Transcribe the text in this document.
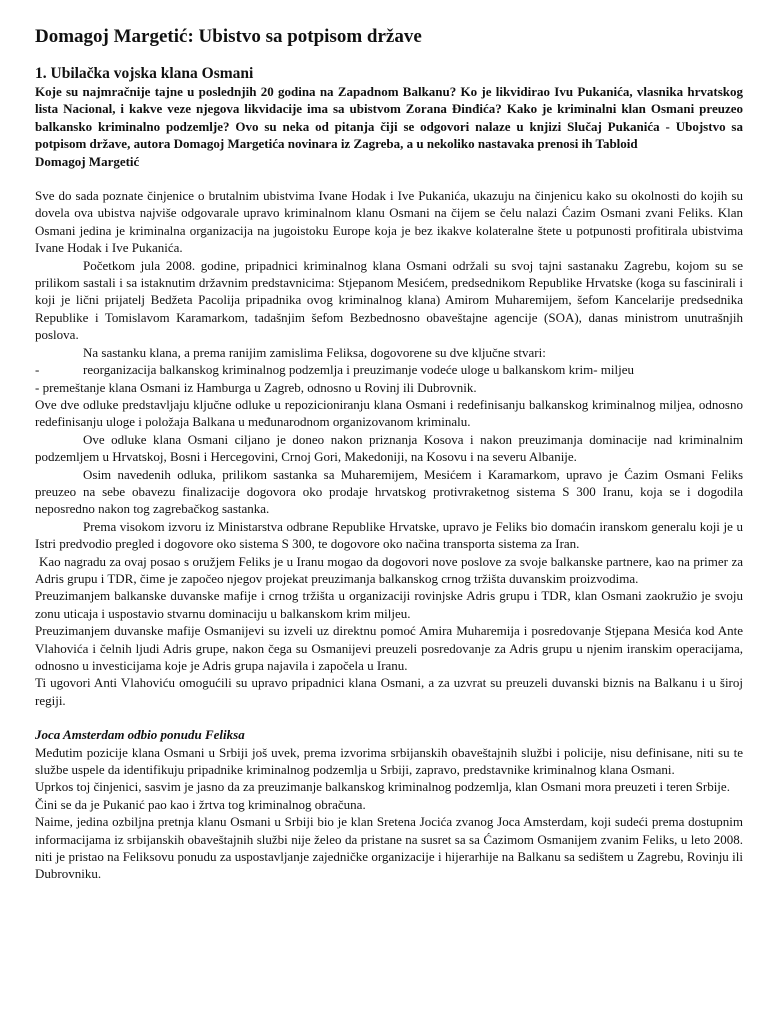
Domagoj Margetić: Ubistvo sa potpisom države
1. Ubilačka vojska klana Osmani

Koje su najmračnije tajne u poslednjih 20 godina na Zapadnom Balkanu? Ko je likvidirao Ivu Pukanića, vlasnika hrvatskog lista Nacional, i kakve veze njegova likvidacije ima sa ubistvom Zorana Đinđića? Kako je kriminalni klan Osmani preuzeo balkansko kriminalno podzemlje? Ovo su neka od pitanja čiji se odgovori nalaze u knjizi Slučaj Pukanića - Ubojstvo sa potpisom države, autora Domagoj Margetića novinara iz Zagreba, a u nekoliko nastavaka prenosi ih Tabloid

Domagoj Margetić

Sve do sada poznate činjenice o brutalnim ubistvima Ivane Hodak i Ive Pukanića, ukazuju na činjenicu kako su okolnosti do kojih su dovela ova ubistva najviše odgovarale upravo kriminalnom klanu Osmani na čijem se čelu nalazi Ćazim Osmani zvani Feliks. Klan Osmani jedina je kriminalna organizacija na jugoistoku Europe koja je bez ikakve kolateralne štete u potpunosti profitirala ubistvima Ivane Hodak i Ive Pukanića.

Početkom jula 2008. godine, pripadnici kriminalnog klana Osmani održali su svoj tajni sastanaku Zagrebu, kojom su se prilikom sastali i sa istaknutim državnim predstavnicima: Stjepanom Mesićem, predsednikom Republike Hrvatske (koga su fascinirali i koji je lični prijatelj Bedžeta Pacolija pripadnika ovog kriminalnog klana) Amirom Muharemijem, šefom Kancelarije predsednika Republike i Tomislavom Karamarkom, tadašnjim šefom Bezbednosno obaveštajne agencije (SOA), danas ministrom unutrašnjih poslova.

Na sastanku klana, a prema ranijim zamislima Feliksa, dogovorene su dve ključne stvari:

-	reorganizacija balkanskog kriminalnog podzemlja i preuzimanje vodeće uloge u balkanskom krim- miljeu

- premeštanje klana Osmani iz Hamburga u Zagreb, odnosno u Rovinj ili Dubrovnik.

Ove dve odluke predstavljaju ključne odluke u repozicioniranju klana Osmani i redefinisanju balkanskog kriminalnog milјea, odnosno redefinisanju uloge i položaja Balkana u međunarodnom organizovanom kriminalu.

Ove odluke klana Osmani ciljano je doneo nakon priznanja Kosova i nakon preuzimanja dominacije nad kriminalnim podzemljem u Hrvatskoj, Bosni i Hercegovini, Crnoj Gori, Makedoniji, na Kosovu i na severu Albanije.

Osim navedenih odluka, prilikom sastanka sa Muharemijem, Mesićem i Karamarkom, upravo je Ćazim Osmani Feliks preuzeo na sebe obavezu finalizacije dogovora oko prodaje hrvatskog protivraketnog sistema S 300 Iranu, koja se i dogodila neposredno nakon tog zagrebačkog sastanka.

Prema visokom izvoru iz Ministarstva odbrane Republike Hrvatske, upravo je Feliks bio domaćin iranskom generalu koji je u Istri predvodio pregled i dogovore oko sistema S 300, te dogovore oko načina transporta sistema za Iran.

Kao nagradu za ovaj posao s oružjem Feliks je u Iranu mogao da dogovori nove poslove za svoje balkanske partnere, kao na primer za Adris grupu i TDR, čime je započeo njegov projekat preuzimanja balkanskog crnog tržišta duvanskim proizvodima.

Preuzimanjem balkanske duvanske mafije i crnog tržišta u organizaciji rovinjske Adris grupu i TDR, klan Osmani zaokružio je svoju zonu uticaja i uspostavio stvarnu dominaciju u balkanskom krim milјeu.

Preuzimanjem duvanske mafije Osmanijevi su izveli uz direktnu pomoć Amira Muharemija i posredovanje Stjepana Mesića kod Ante Vlahovića i čelnih ljudi Adris grupe, nakon čega su Osmanijevi preuzeli posredovanje za Adris grupu u njenim iranskim operacijama, odnosno u investicijama koje je Adris grupa najavila i započela u Iranu.

Ti ugovori Anti Vlahoviću omogućili su upravo pripadnici klana Osmani, a za uzvrat su preuzeli duvanski biznis na Balkanu i u široj regiji.

Joca Amsterdam odbio ponudu Feliksa

Međutim pozicije klana Osmani u Srbiji još uvek, prema izvorima srbijanskih obaveštajnih službi i policije, nisu definisane, niti su te službe uspele da identifikuju pripadnike kriminalnog podzemlja u Srbiji, zapravo, predstavnike kriminalnog klana Osmani.

Uprkos toj činjenici, sasvim je jasno da za preuzimanje balkanskog kriminalnog podzemlja, klan Osmani mora preuzeti i teren Srbije.

Čini se da je Pukanić pao kao i žrtva tog kriminalnog obračuna.

Naime, jedina ozbiljna pretnja klanu Osmani u Srbiji bio je klan Sretena Jocića zvanog Joca Amsterdam, koji sudeći prema dostupnim informacijama iz srbijanskih obaveštajnih službi nije želeo da pristane na susret sa sa Ćazimom Osmanijem zvanim Feliks, u leto 2008. niti je pristao na Feliksovu ponudu za uspostavljanje zajedničke organizacije i hijerarhije na Balkanu sa sedištem u Zagrebu, Rovinju ili Dubrovniku.
